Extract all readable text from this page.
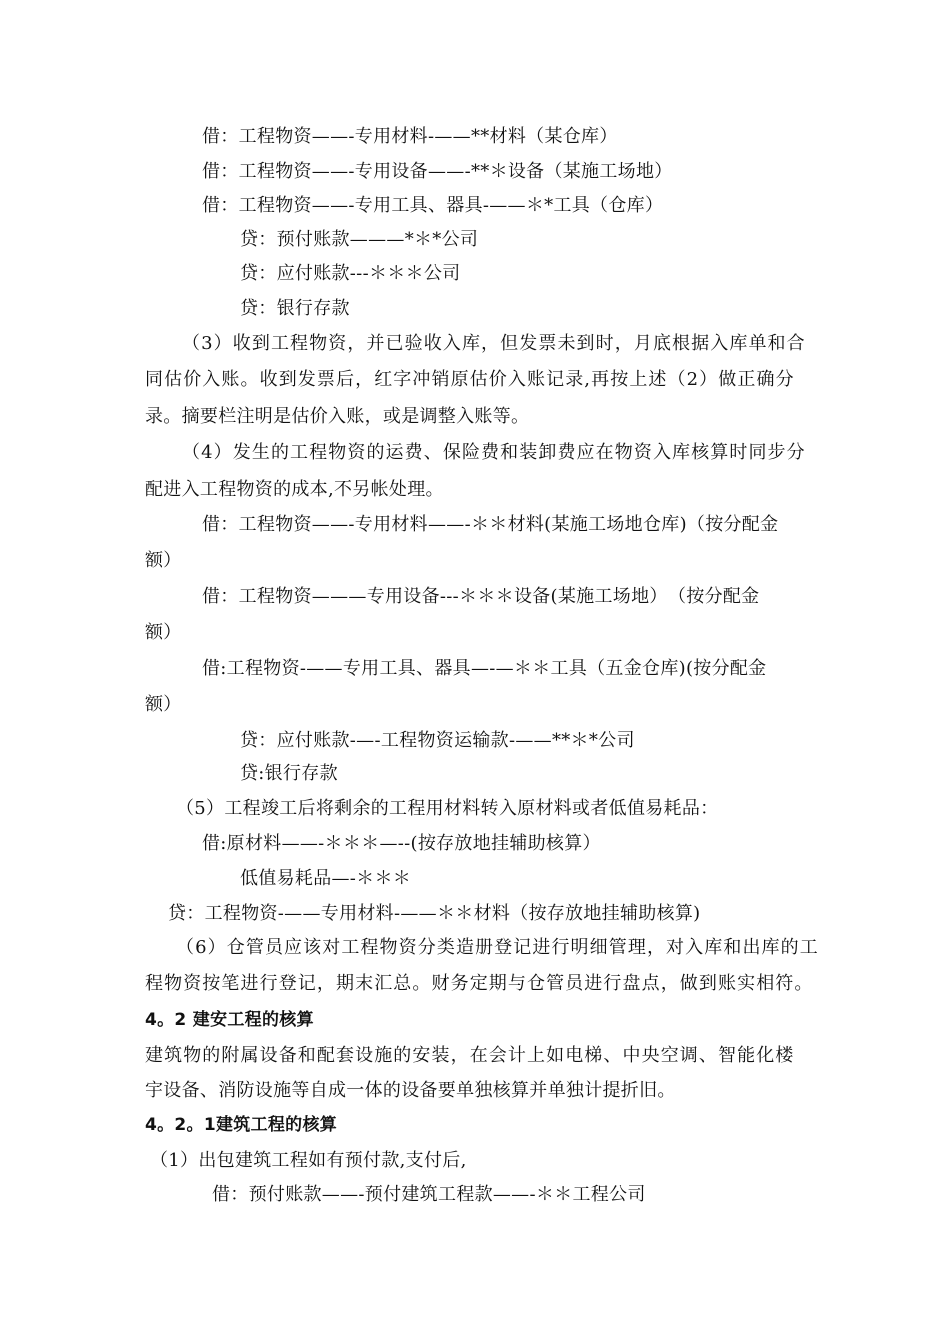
借：工程物资——-专用材料-——**材料（某仓库）
借：工程物资——-专用设备——-**＊设备（某施工场地）
借：工程物资——-专用工具、器具-——＊*工具（仓库）
贷：预付账款———*＊*公司
贷：应付账款---＊＊＊公司
贷：银行存款
（3）收到工程物资，并已验收入库，但发票未到时，月底根据入库单和合
同估价入账。收到发票后，红字冲销原估价入账记录,再按上述（2）做正确分
录。摘要栏注明是估价入账，或是调整入账等。
（4）发生的工程物资的运费、保险费和装卸费应在物资入库核算时同步分
配进入工程物资的成本,不另帐处理。
借：工程物资——-专用材料——-＊＊材料(某施工场地仓库)（按分配金
额）
借：工程物资———专用设备---＊＊＊设备(某施工场地）　（按分配金
额）
借:工程物资-——专用工具、器具—-—＊＊工具（五金仓库)(按分配金
额）
贷：应付账款-—-工程物资运输款-——**＊*公司
贷:银行存款
（5）工程竣工后将剩余的工程用材料转入原材料或者低值易耗品：
借:原材料——-＊＊＊—--(按存放地挂辅助核算）
低值易耗品—-＊＊＊
贷：工程物资-——专用材料-——＊＊材料（按存放地挂辅助核算)
（6）仓管员应该对工程物资分类造册登记进行明细管理，对入库和出库的工
程物资按笔进行登记，期末汇总。财务定期与仓管员进行盘点，做到账实相符。
4。2 建安工程的核算
建筑物的附属设备和配套设施的安装，在会计上如电梯、中央空调、智能化楼
宇设备、消防设施等自成一体的设备要单独核算并单独计提折旧。
4。2。1建筑工程的核算
（1）出包建筑工程如有预付款,支付后,
借：预付账款——-预付建筑工程款——-＊＊工程公司
